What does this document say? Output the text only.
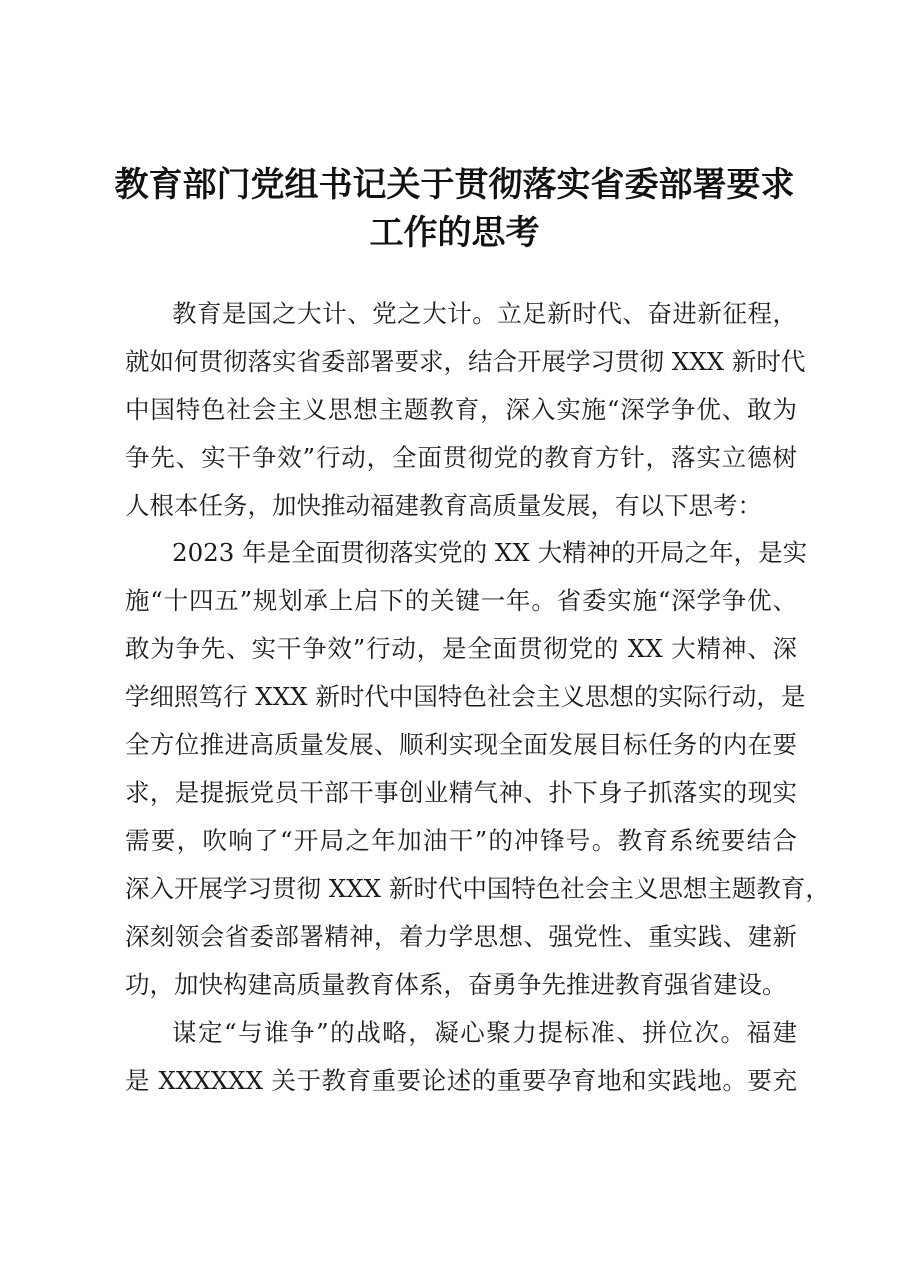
教育部门党组书记关于贯彻落实省委部署要求
工作的思考
教育是国之大计、党之大计。立足新时代、奋进新征程，
就如何贯彻落实省委部署要求，结合开展学习贯彻 XXX 新时代
中国特色社会主义思想主题教育，深入实施“深学争优、敢为
争先、实干争效”行动，全面贯彻党的教育方针，落实立德树
人根本任务，加快推动福建教育高质量发展，有以下思考：
2023 年是全面贯彻落实党的 XX 大精神的开局之年，是实
施“十四五”规划承上启下的关键一年。省委实施“深学争优、
敢为争先、实干争效”行动，是全面贯彻党的 XX 大精神、深
学细照笃行 XXX 新时代中国特色社会主义思想的实际行动，是
全方位推进高质量发展、顺利实现全面发展目标任务的内在要
求，是提振党员干部干事创业精气神、扑下身子抓落实的现实
需要，吹响了“开局之年加油干”的冲锋号。教育系统要结合
深入开展学习贯彻 XXX 新时代中国特色社会主义思想主题教育，
深刻领会省委部署精神，着力学思想、强党性、重实践、建新
功，加快构建高质量教育体系，奋勇争先推进教育强省建设。
谋定“与谁争”的战略，凝心聚力提标准、拼位次。福建
是 XXXXXX 关于教育重要论述的重要孕育地和实践地。要充
